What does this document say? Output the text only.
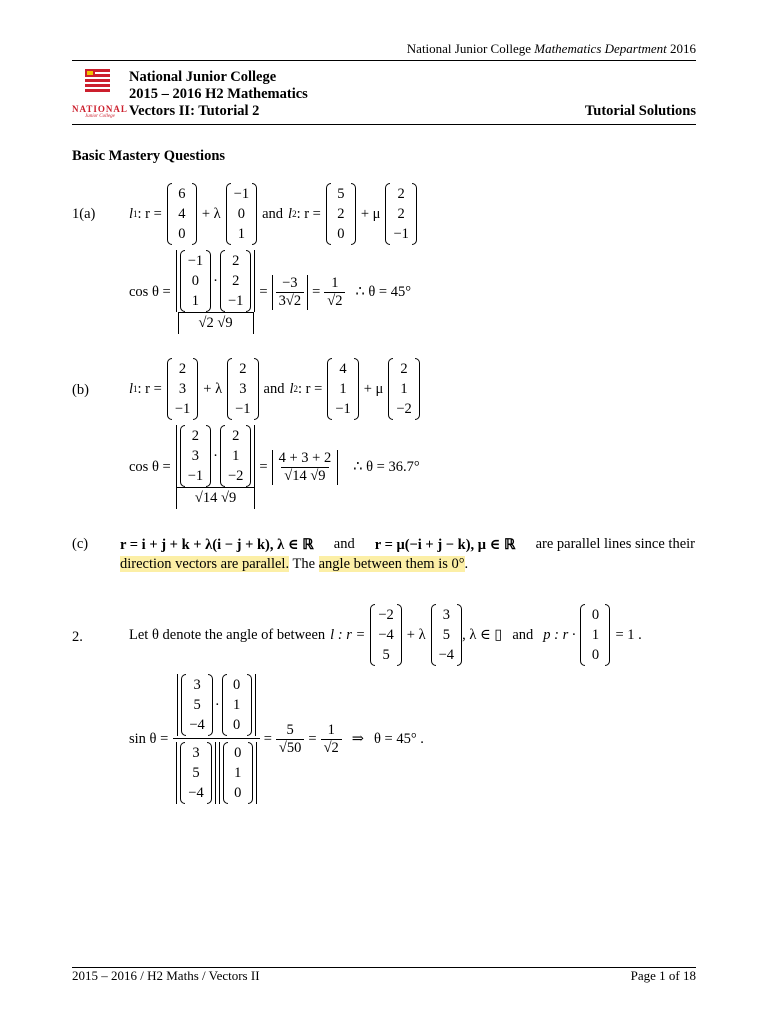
National Junior College Mathematics Department 2016
NATIONAL
Junior College
National Junior College
2015 – 2016 H2 Mathematics
Vectors II: Tutorial 2	Tutorial Solutions
Basic Mastery Questions
1(a) l 1 : r =
6
4
0
+ λ
−1
0
1
and l 2 : r =
5
2
0
+ μ
2
2
−1
cos θ = −1
0
1
·
2
2
−1
√2 $√9 = \frac{-3}{3√2} = \frac{1}{√2}$ ∴ θ = 45°
(b)	l 1 : r =
2
3
−1
+ λ
2
3
−1
and l 2 : r =
4
1
−1
+ μ
2
1
−2
cos θ = 2
3
−1
·
2
1
−2
√14 $√9 = \frac{4 + 3 + 2}{√14 √9}$ ∴ θ = 36.7°
(c) r = i + j + k + λ(i − j + k), λ ∈ ℝ and r = μ(−i + j − k), μ ∈ ℝ are parallel lines since their
direction vectors are parallel. The angle between them is 0°.
2.	Let θ denote the angle of between l : r =
−2
−4
5
+ λ
3
5
−4
, λ ∈ ▯ and p : r ·
0
1
0
= 1 .
sin θ = 3
5
−4
·
0
1
0
3
5
−4
0
1
$0 = \frac{5}{√50} = \frac{1}{√2}$ ⇒ θ = 45° .
2015 – 2016 / H2 Maths / Vectors II	Page 1 of 18
